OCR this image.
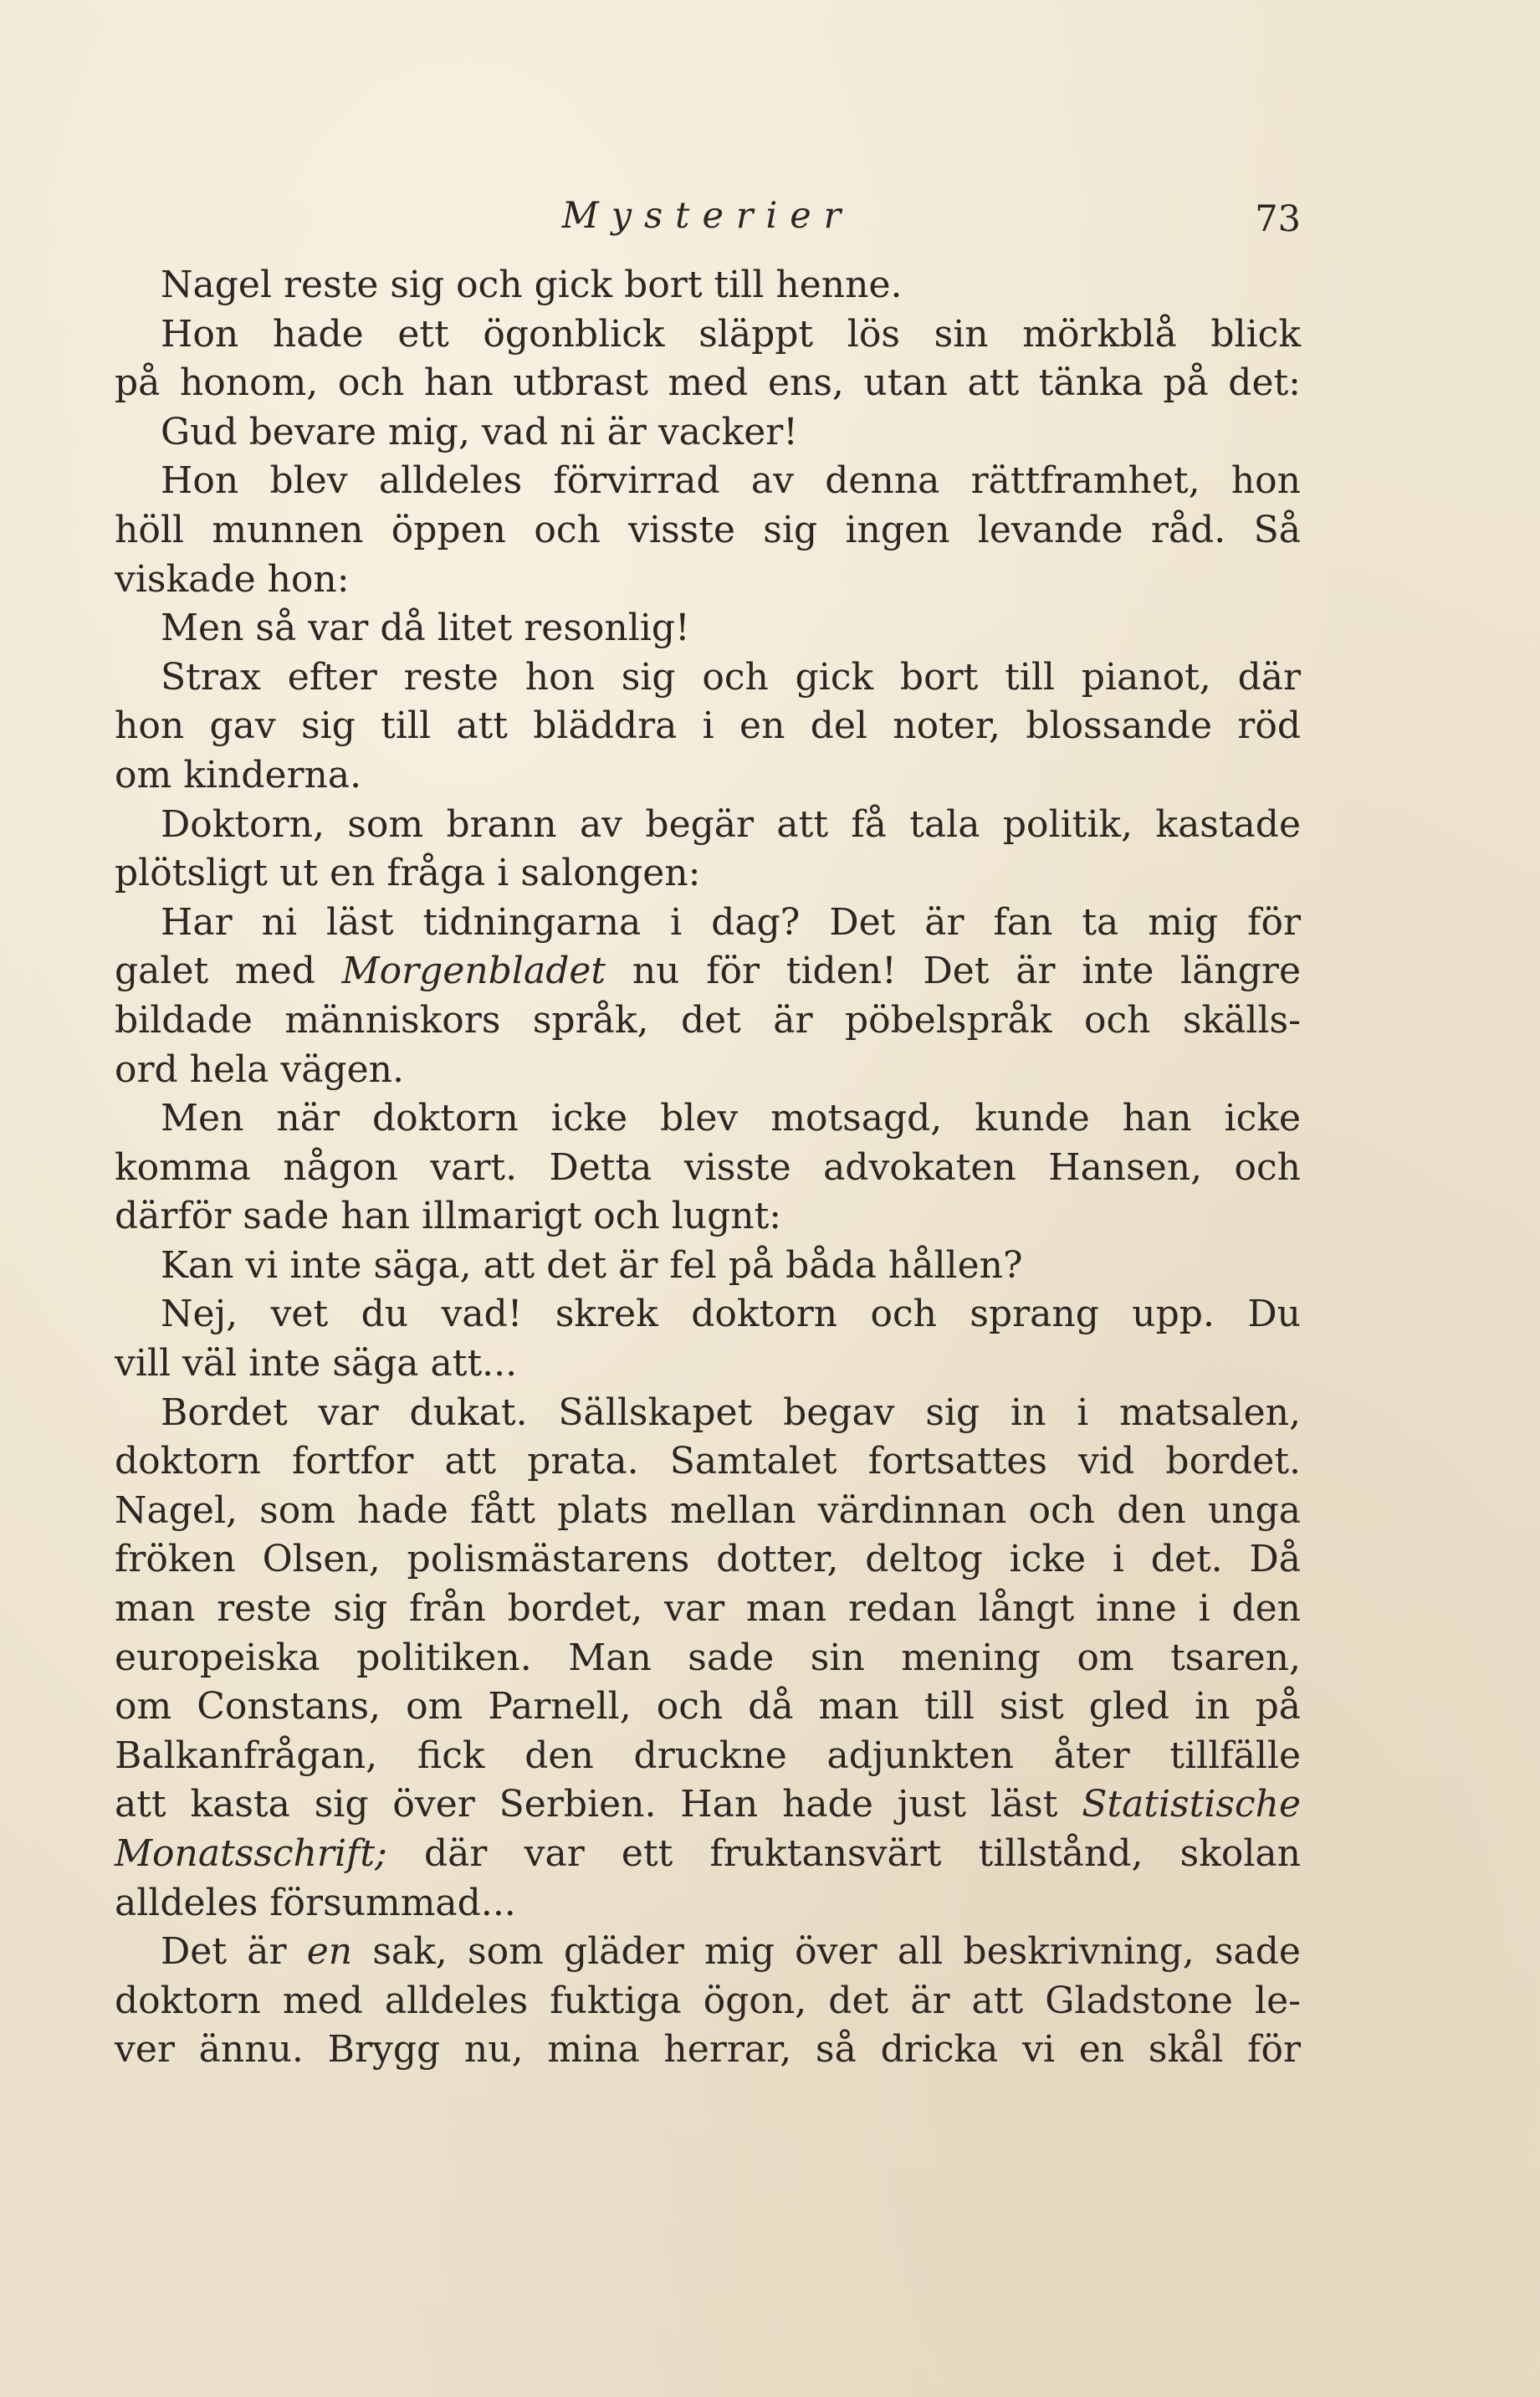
Mysterier	73
Nagel reste sig och gick bort till henne.
Hon hade ett ögonblick släppt lös sin mörkblå blick
på honom, och han utbrast med ens, utan att tänka på det:
Gud bevare mig, vad ni är vacker!
Hon blev alldeles förvirrad av denna rättframhet, hon
höll munnen öppen och visste sig ingen levande råd. Så
viskade hon:
Men så var då litet resonlig!
Strax efter reste hon sig och gick bort till pianot, där
hon gav sig till att bläddra i en del noter, blossande röd
om kinderna.
Doktorn, som brann av begär att få tala politik, kastade
plötsligt ut en fråga i salongen:
Har ni läst tidningarna i dag? Det är fan ta mig för
galet med Morgenbladet nu för tiden! Det är inte längre
bildade människors språk, det är pöbelspråk och skälls-
ord hela vägen.
Men när doktorn icke blev motsagd, kunde han icke
komma någon vart. Detta visste advokaten Hansen, och
därför sade han illmarigt och lugnt:
Kan vi inte säga, att det är fel på båda hållen?
Nej, vet du vad! skrek doktorn och sprang upp. Du
vill väl inte säga att...
Bordet var dukat. Sällskapet begav sig in i matsalen,
doktorn fortfor att prata. Samtalet fortsattes vid bordet.
Nagel, som hade fått plats mellan värdinnan och den unga
fröken Olsen, polismästarens dotter, deltog icke i det. Då
man reste sig från bordet, var man redan långt inne i den
europeiska politiken. Man sade sin mening om tsaren,
om Constans, om Parnell, och då man till sist gled in på
Balkanfrågan, fick den druckne adjunkten åter tillfälle
att kasta sig över Serbien. Han hade just läst Statistische
Monatsschrift; där var ett fruktansvärt tillstånd, skolan
alldeles försummad...
Det är en sak, som gläder mig över all beskrivning, sade
doktorn med alldeles fuktiga ögon, det är att Gladstone le-
ver ännu. Brygg nu, mina herrar, så dricka vi en skål för
